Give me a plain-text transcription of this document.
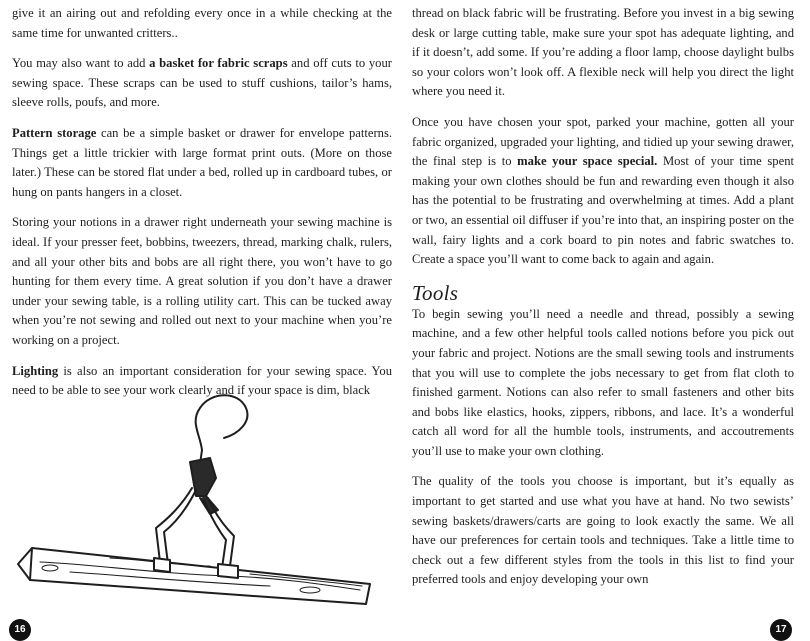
give it an airing out and refolding every once in a while checking at the same time for unwanted critters..

You may also want to add a basket for fabric scraps and off cuts to your sewing space. These scraps can be used to stuff cushions, tailor’s hams, sleeve rolls, poufs, and more.

Pattern storage can be a simple basket or drawer for envelope patterns. Things get a little trickier with large format print outs. (More on those later.) These can be stored flat under a bed, rolled up in cardboard tubes, or hung on pants hangers in a closet.

Storing your notions in a drawer right underneath your sewing machine is ideal. If your presser feet, bobbins, tweezers, thread, marking chalk, rulers, and all your other bits and bobs are all right there, you won’t have to go hunting for them every time. A great solution if you don’t have a drawer under your sewing table, is a rolling utility cart. This can be tucked away when you’re not sewing and rolled out next to your machine when you’re working on a project.

Lighting is also an important consideration for your sewing space. You need to be able to see your work clearly and if your space is dim, black

thread on black fabric will be frustrating. Before you invest in a big sewing desk or large cutting table, make sure your spot has adequate lighting, and if it doesn’t, add some. If you’re adding a floor lamp, choose daylight bulbs so your colors won’t look off. A flexible neck will help you direct the light where you need it.

Once you have chosen your spot, parked your machine, gotten all your fabric organized, upgraded your lighting, and tidied up your sewing drawer, the final step is to make your space special. Most of your time spent making your own clothes should be fun and rewarding even though it also has the potential to be frustrating and overwhelming at times. Add a plant or two, an essential oil diffuser if you’re into that, an inspiring poster on the wall, fairy lights and a cork board to pin notes and fabric swatches to. Create a space you’ll want to come back to again and again.

Tools

To begin sewing you’ll need a needle and thread, possibly a sewing machine, and a few other helpful tools called notions before you pick out your fabric and project. Notions are the small sewing tools and instruments that you will use to complete the jobs necessary to get from flat cloth to finished garment. Notions can also refer to small fasteners and other bits and bobs like elastics, hooks, zippers, ribbons, and lace. It’s a wonderful catch all word for all the humble tools, instruments, and accoutrements you’ll use to make your own clothing.

The quality of the tools you choose is important, but it’s equally as important to get started and use what you have at hand. No two sewists’ sewing baskets/drawers/carts are going to look exactly the same. We all have our preferences for certain tools and techniques. Take a little time to check out a few different styles from the tools in this list to find your preferred tools and enjoy developing your own

16	17
